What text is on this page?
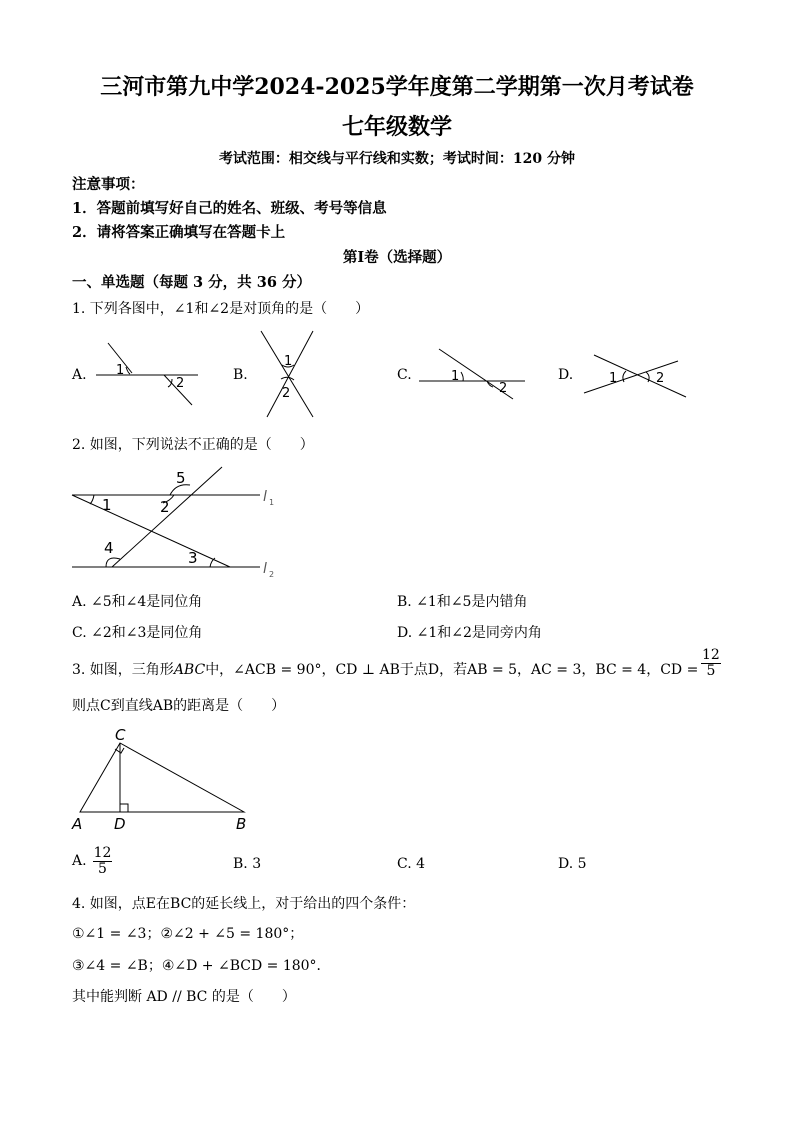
三河市第九中学2024-2025学年度第二学期第一次月考试卷
七年级数学
考试范围：相交线与平行线和实数；考试时间：120 分钟
注意事项：
1．答题前填写好自己的姓名、班级、考号等信息
2．请将答案正确填写在答题卡上
第Ⅰ卷（选择题）
一、单选题（每题 3 分，共 36 分）
1. 下列各图中，∠1和∠2是对顶角的是（　　）
A. 1
2
B.
1
2
C.	1
2
D.	1	2
2. 如图，下列说法不正确的是（　　）
1	2
3
4
5
l 1
l 2
A. ∠5和∠4是同位角	B. ∠1和∠5是内错角
C. ∠2和∠3是同位角	D. ∠1和∠2是同旁内角
3. 如图，三角形ABC中，∠ACB = 90°，CD ⊥ AB于点D，若AB = 5，AC = 3，BC = 4，CD = $\frac{12}{5}$
则点C到直线AB的距离是（　　）
C
A D	B
A. $\frac{12}{5}$	B. 3	C. 4	D. 5
4. 如图，点E在BC的延长线上，对于给出的四个条件：
①∠1 = ∠3；②∠2 + ∠5 = 180°；
③∠4 = ∠B；④∠D + ∠BCD = 180°．
其中能判断 AD // BC 的是（　　）
